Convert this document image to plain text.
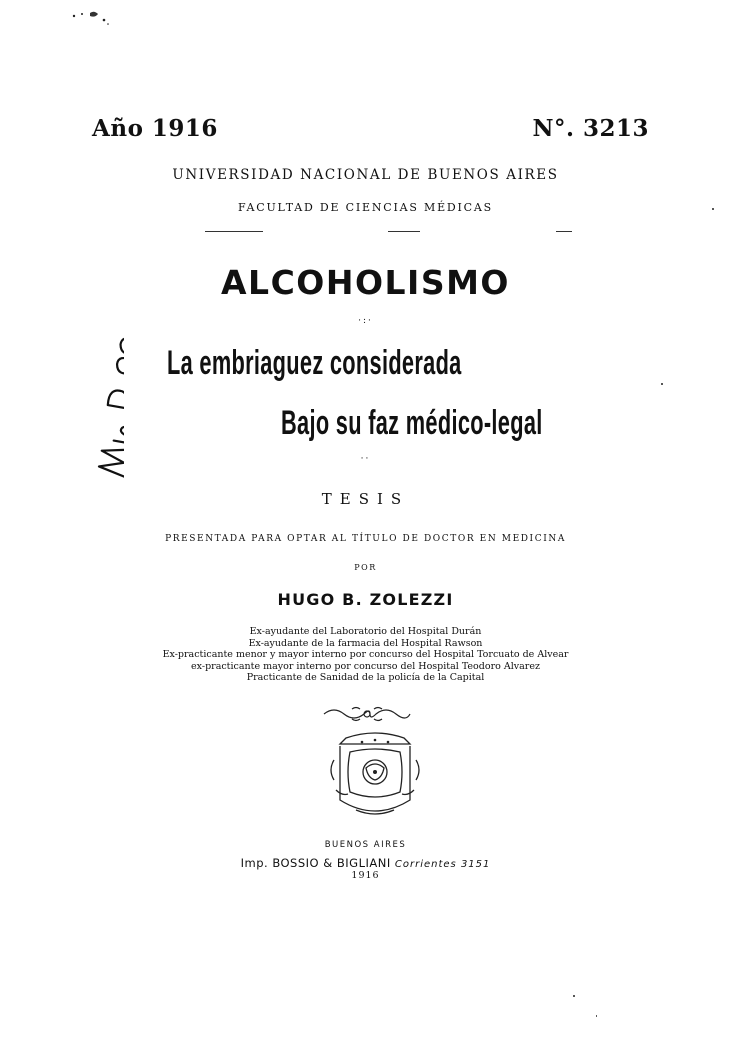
Año 1916	N°. 3213
UNIVERSIDAD NACIONAL DE BUENOS AIRES
FACULTAD DE CIENCIAS MÉDICAS
ALCOHOLISMO
·:·
La embriaguez considerada
Bajo su faz médico-legal
··
TESIS
PRESENTADA PARA OPTAR AL TÍTULO DE DOCTOR EN MEDICINA
POR
HUGO B. ZOLEZZI
Ex-ayudante del Laboratorio del Hospital Durán
Ex-ayudante de la farmacia del Hospital Rawson
Ex-practicante menor y mayor interno por concurso del Hospital Torcuato de Alvear
ex-practicante mayor interno por concurso del Hospital Teodoro Alvarez
Practicante de Sanidad de la policía de la Capital
BUENOS AIRES
Imp. BOSSIO & BIGLIANI Corrientes 3151
1916
